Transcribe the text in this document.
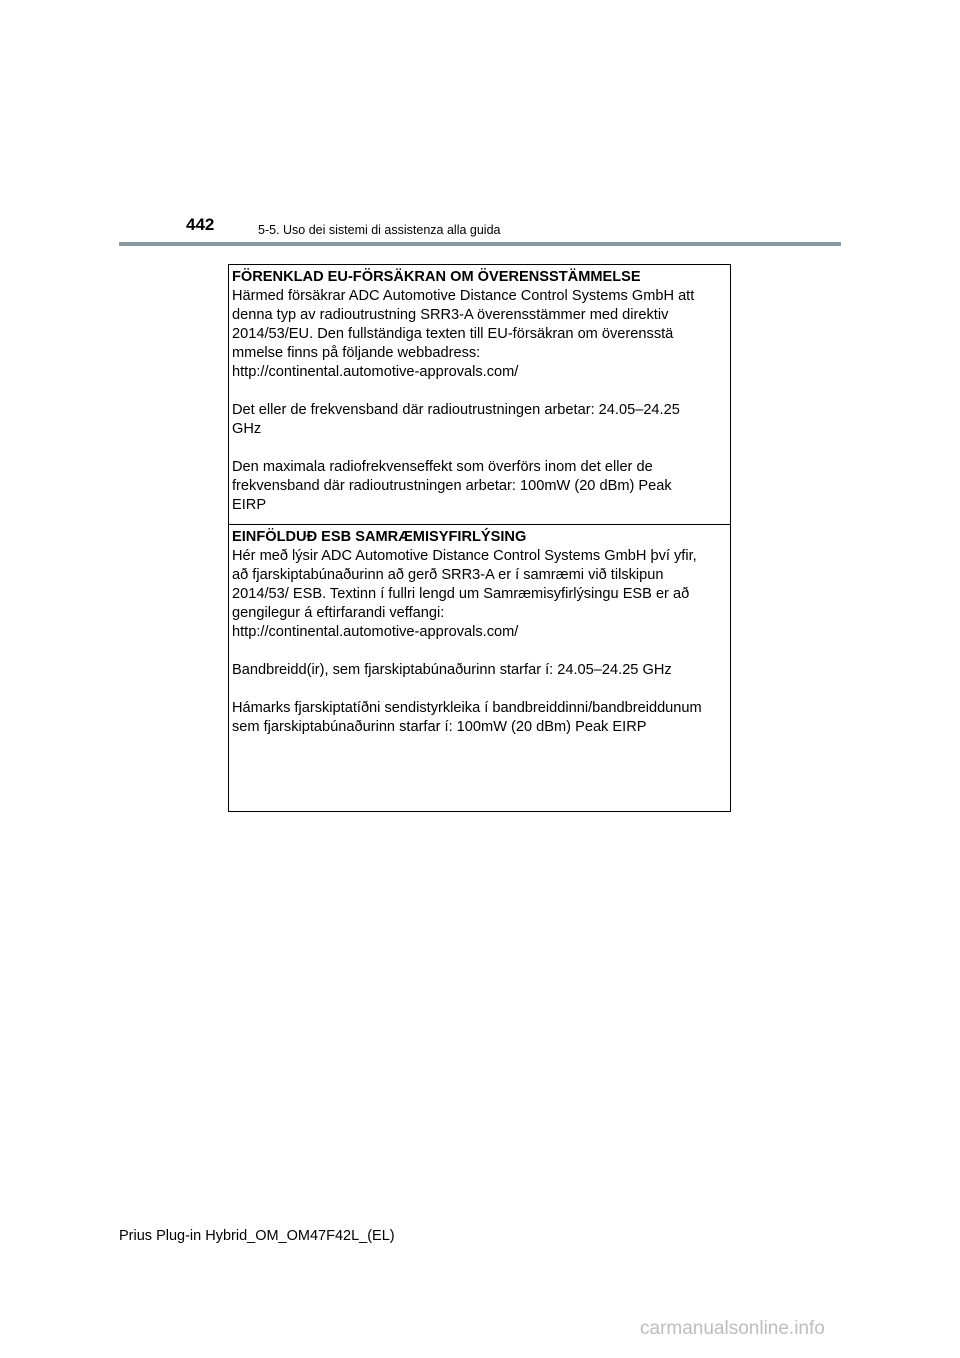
442	5-5. Uso dei sistemi di assistenza alla guida
FÖRENKLAD EU-FÖRSÄKRAN OM ÖVERENSSTÄMMELSE

Härmed försäkrar ADC Automotive Distance Control Systems GmbH att
denna typ av radioutrustning SRR3-A överensstämmer med direktiv
2014/53/EU. Den fullständiga texten till EU-försäkran om överensstä
mmelse finns på följande webbadress:
http://continental.automotive-approvals.com/

Det eller de frekvensband där radioutrustningen arbetar: 24.05–24.25
GHz

Den maximala radiofrekvenseffekt som överförs inom det eller de
frekvensband där radioutrustningen arbetar: 100mW (20 dBm) Peak
EIRP

EINFÖLDUÐ ESB SAMRÆMISYFIRLÝSING

Hér með lýsir ADC Automotive Distance Control Systems GmbH því yfir,
að fjarskiptabúnaðurinn að gerð SRR3-A er í samræmi við tilskipun
2014/53/ ESB. Textinn í fullri lengd um Samræmisyfirlýsingu ESB er að
gengilegur á eftirfarandi veffangi:
http://continental.automotive-approvals.com/

Bandbreidd(ir), sem fjarskiptabúnaðurinn starfar í: 24.05–24.25 GHz

Hámarks fjarskiptatíðni sendistyrkleika í bandbreiddinni/bandbreiddunum
sem fjarskiptabúnaðurinn starfar í: 100mW (20 dBm) Peak EIRP

Prius Plug-in Hybrid_OM_OM47F42L_(EL)
carmanualsonline.info
